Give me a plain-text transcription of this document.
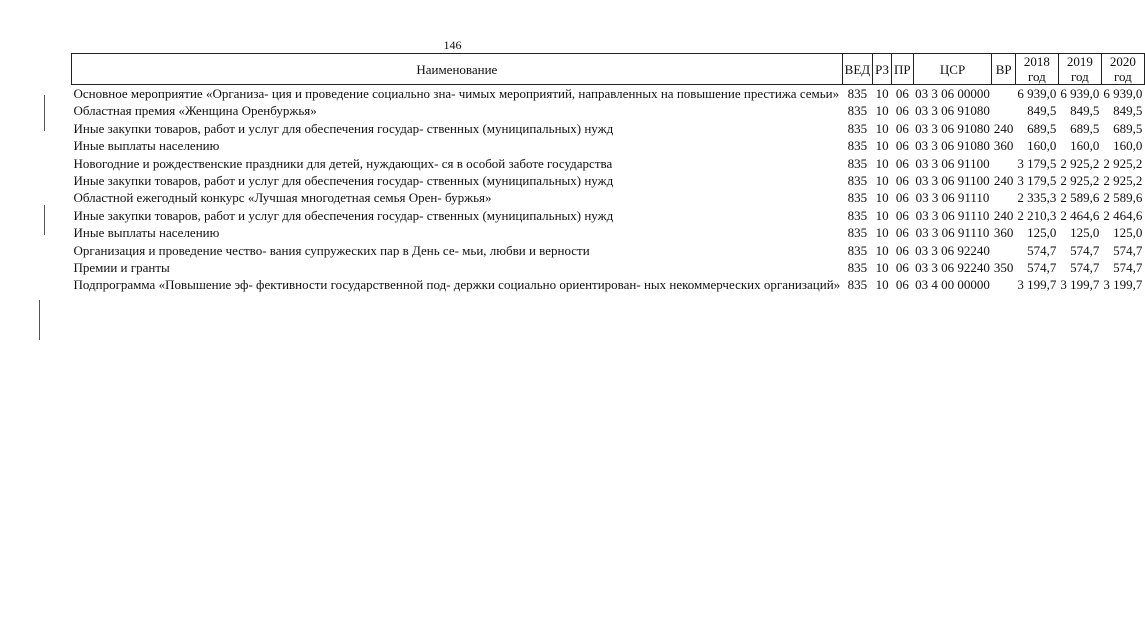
146
Наименование	ВЕД	РЗ	ПР	ЦСР	ВР	2018 год	2019 год	2020 год
Основное мероприятие «Организа- ция и проведение социально зна- чимых мероприятий, направленных на повышение престижа семьи»	835	10	06	03 3 06 00000		6 939,0	6 939,0	6 939,0
Областная премия «Женщина Оренбуржья»	835	10	06	03 3 06 91080		849,5	849,5	849,5
Иные закупки товаров, работ и услуг для обеспечения государ- ственных (муниципальных) нужд	835	10	06	03 3 06 91080	240	689,5	689,5	689,5
Иные выплаты населению	835	10	06	03 3 06 91080	360	160,0	160,0	160,0
Новогодние и рождественские праздники для детей, нуждающих- ся в особой заботе государства	835	10	06	03 3 06 91100		3 179,5	2 925,2	2 925,2
Иные закупки товаров, работ и услуг для обеспечения государ- ственных (муниципальных) нужд	835	10	06	03 3 06 91100	240	3 179,5	2 925,2	2 925,2
Областной ежегодный конкурс «Лучшая многодетная семья Орен- буржья»	835	10	06	03 3 06 91110		2 335,3	2 589,6	2 589,6
Иные закупки товаров, работ и услуг для обеспечения государ- ственных (муниципальных) нужд	835	10	06	03 3 06 91110	240	2 210,3	2 464,6	2 464,6
Иные выплаты населению	835	10	06	03 3 06 91110	360	125,0	125,0	125,0
Организация и проведение чество- вания супружеских пар в День се- мьи, любви и верности	835	10	06	03 3 06 92240		574,7	574,7	574,7
Премии и гранты	835	10	06	03 3 06 92240	350	574,7	574,7	574,7
Подпрограмма «Повышение эф- фективности государственной под- держки социально ориентирован- ных некоммерческих организаций»	835	10	06	03 4 00 00000		3 199,7	3 199,7	3 199,7
